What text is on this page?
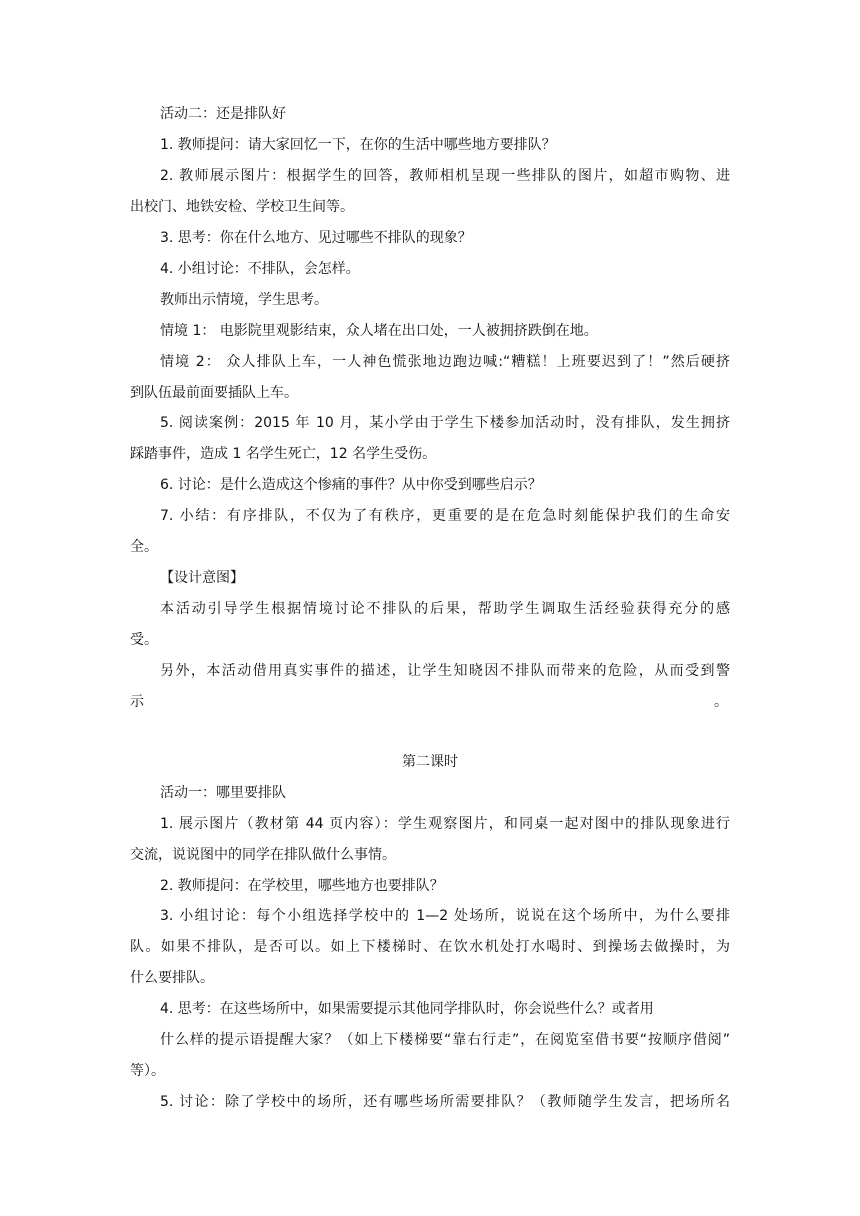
活动二：还是排队好
1. 教师提问：请大家回忆一下，在你的生活中哪些地方要排队？
2. 教师展示图片：根据学生的回答，教师相机呈现一些排队的图片，如超市购物、进
出校门、地铁安检、学校卫生间等。
3. 思考：你在什么地方、见过哪些不排队的现象？
4. 小组讨论：不排队，会怎样。
教师出示情境，学生思考。
情境 1： 电影院里观影结束，众人堵在出口处，一人被拥挤跌倒在地。
情境 2： 众人排队上车，一人神色慌张地边跑边喊:“糟糕！上班要迟到了！”然后硬挤
到队伍最前面要插队上车。
5. 阅读案例：2015 年 10 月，某小学由于学生下楼参加活动时，没有排队，发生拥挤
踩踏事件，造成 1 名学生死亡，12 名学生受伤。
6. 讨论：是什么造成这个惨痛的事件？从中你受到哪些启示？
7. 小结：有序排队，不仅为了有秩序，更重要的是在危急时刻能保护我们的生命安
全。
【设计意图】
本活动引导学生根据情境讨论不排队的后果，帮助学生调取生活经验获得充分的感
受。
另外，本活动借用真实事件的描述，让学生知晓因不排队而带来的危险，从而受到警
示	。
第二课时
活动一：哪里要排队
1. 展示图片（教材第 44 页内容）：学生观察图片，和同桌一起对图中的排队现象进行
交流，说说图中的同学在排队做什么事情。
2. 教师提问：在学校里，哪些地方也要排队？
3. 小组讨论：每个小组选择学校中的 1—2 处场所，说说在这个场所中，为什么要排
队。如果不排队，是否可以。如上下楼梯时、在饮水机处打水喝时、到操场去做操时，为
什么要排队。
4. 思考：在这些场所中，如果需要提示其他同学排队时，你会说些什么？或者用
什么样的提示语提醒大家？（如上下楼梯要“靠右行走”，在阅览室借书要“按顺序借阅”
等）。
5. 讨论：除了学校中的场所，还有哪些场所需要排队？（教师随学生发言，把场所名
